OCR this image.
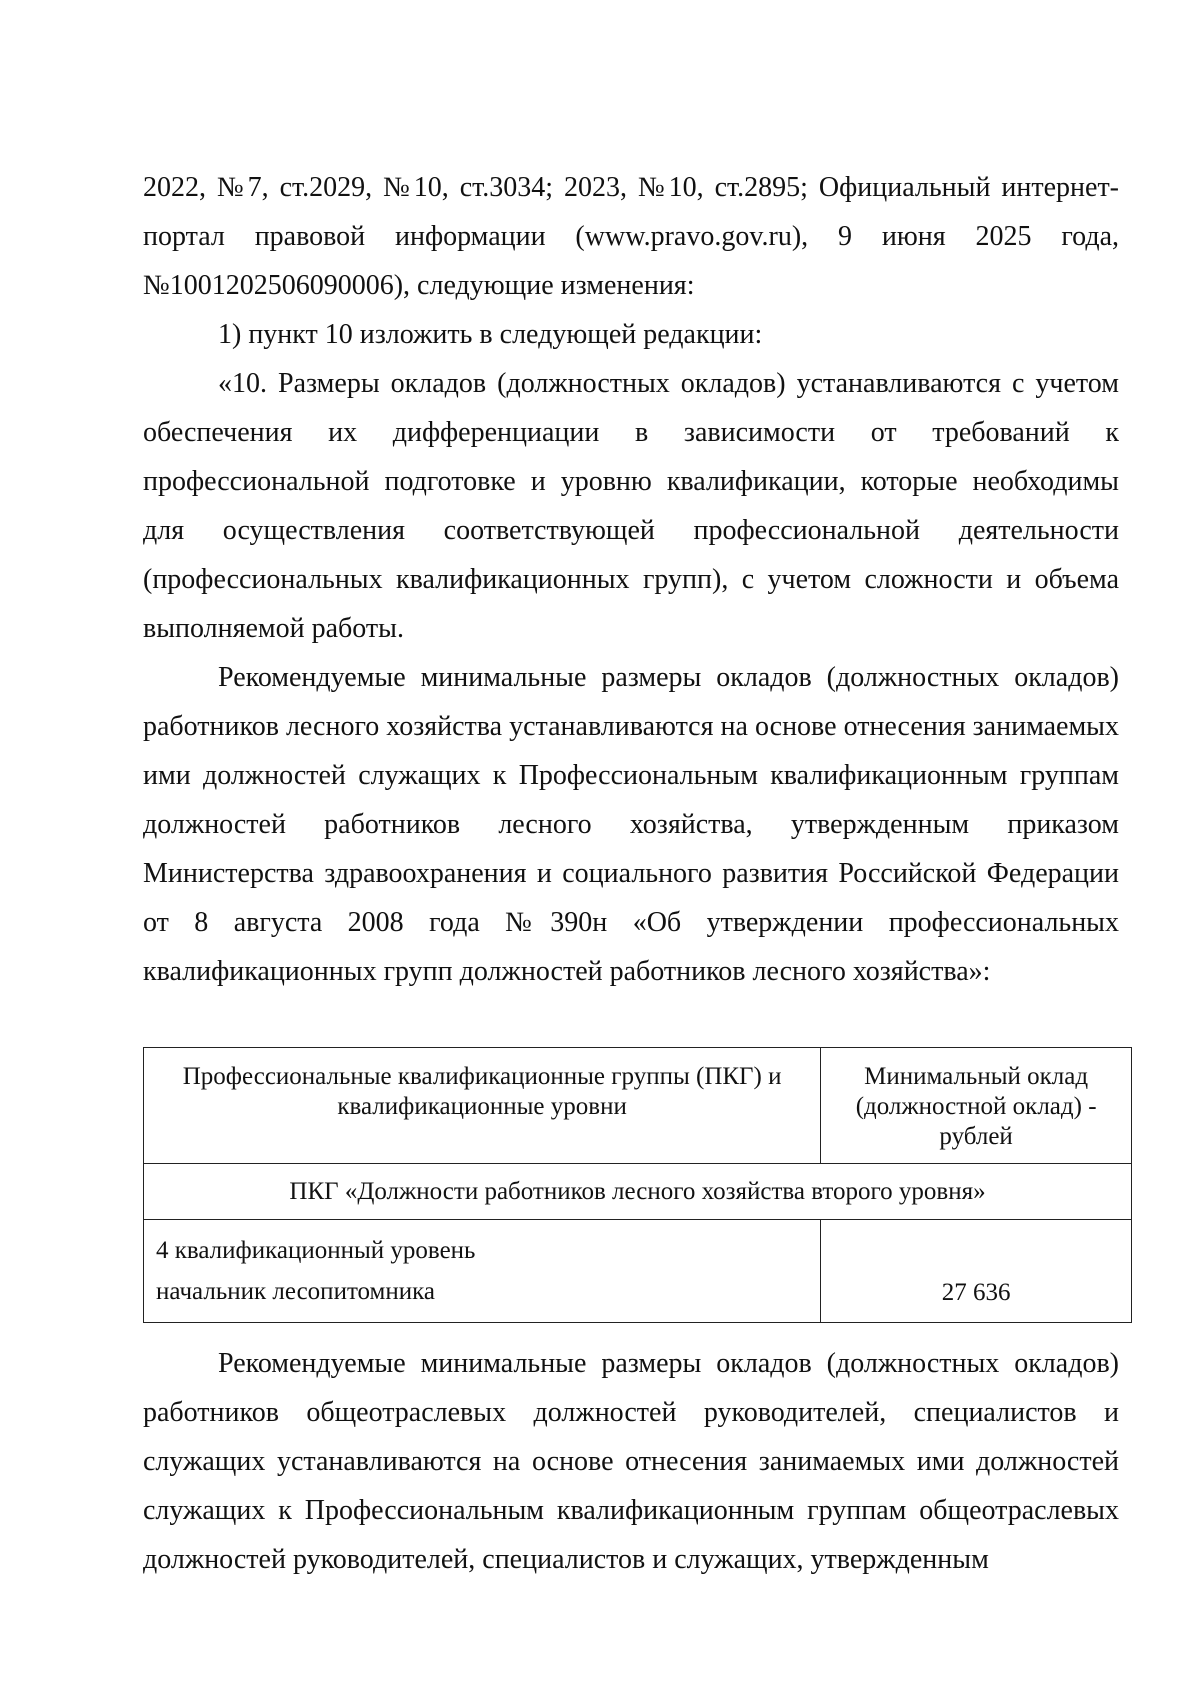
2022, №7, ст.2029, №10, ст.3034; 2023, №10, ст.2895; Официальный интернет-портал правовой информации (www.pravo.gov.ru), 9 июня 2025 года, №1001202506090006), следующие изменения:

1) пункт 10 изложить в следующей редакции:

«10. Размеры окладов (должностных окладов) устанавливаются с учетом обеспечения их дифференциации в зависимости от требований к профессиональной подготовке и уровню квалификации, которые необходимы для осуществления соответствующей профессиональной деятельности (профессиональных квалификационных групп), с учетом сложности и объема выполняемой работы.

Рекомендуемые минимальные размеры окладов (должностных окладов) работников лесного хозяйства устанавливаются на основе отнесения занимаемых ими должностей служащих к Профессиональным квалификационным группам должностей работников лесного хозяйства, утвержденным приказом Министерства здравоохранения и социального развития Российской Федерации от 8 августа 2008 года №390н «Об утверждении профессиональных квалификационных групп должностей работников лесного хозяйства»:

Профессиональные квалификационные группы (ПКГ) и квалификационные уровни	Минимальный оклад (должностной оклад) - рублей
ПКГ «Должности работников лесного хозяйства второго уровня»	

4 квалификационный уровень
начальник лесопитомника	27 636

Рекомендуемые минимальные размеры окладов (должностных окладов) работников общеотраслевых должностей руководителей, специалистов и служащих устанавливаются на основе отнесения занимаемых ими должностей служащих к Профессиональным квалификационным группам общеотраслевых должностей руководителей, специалистов и служащих, утвержденным
